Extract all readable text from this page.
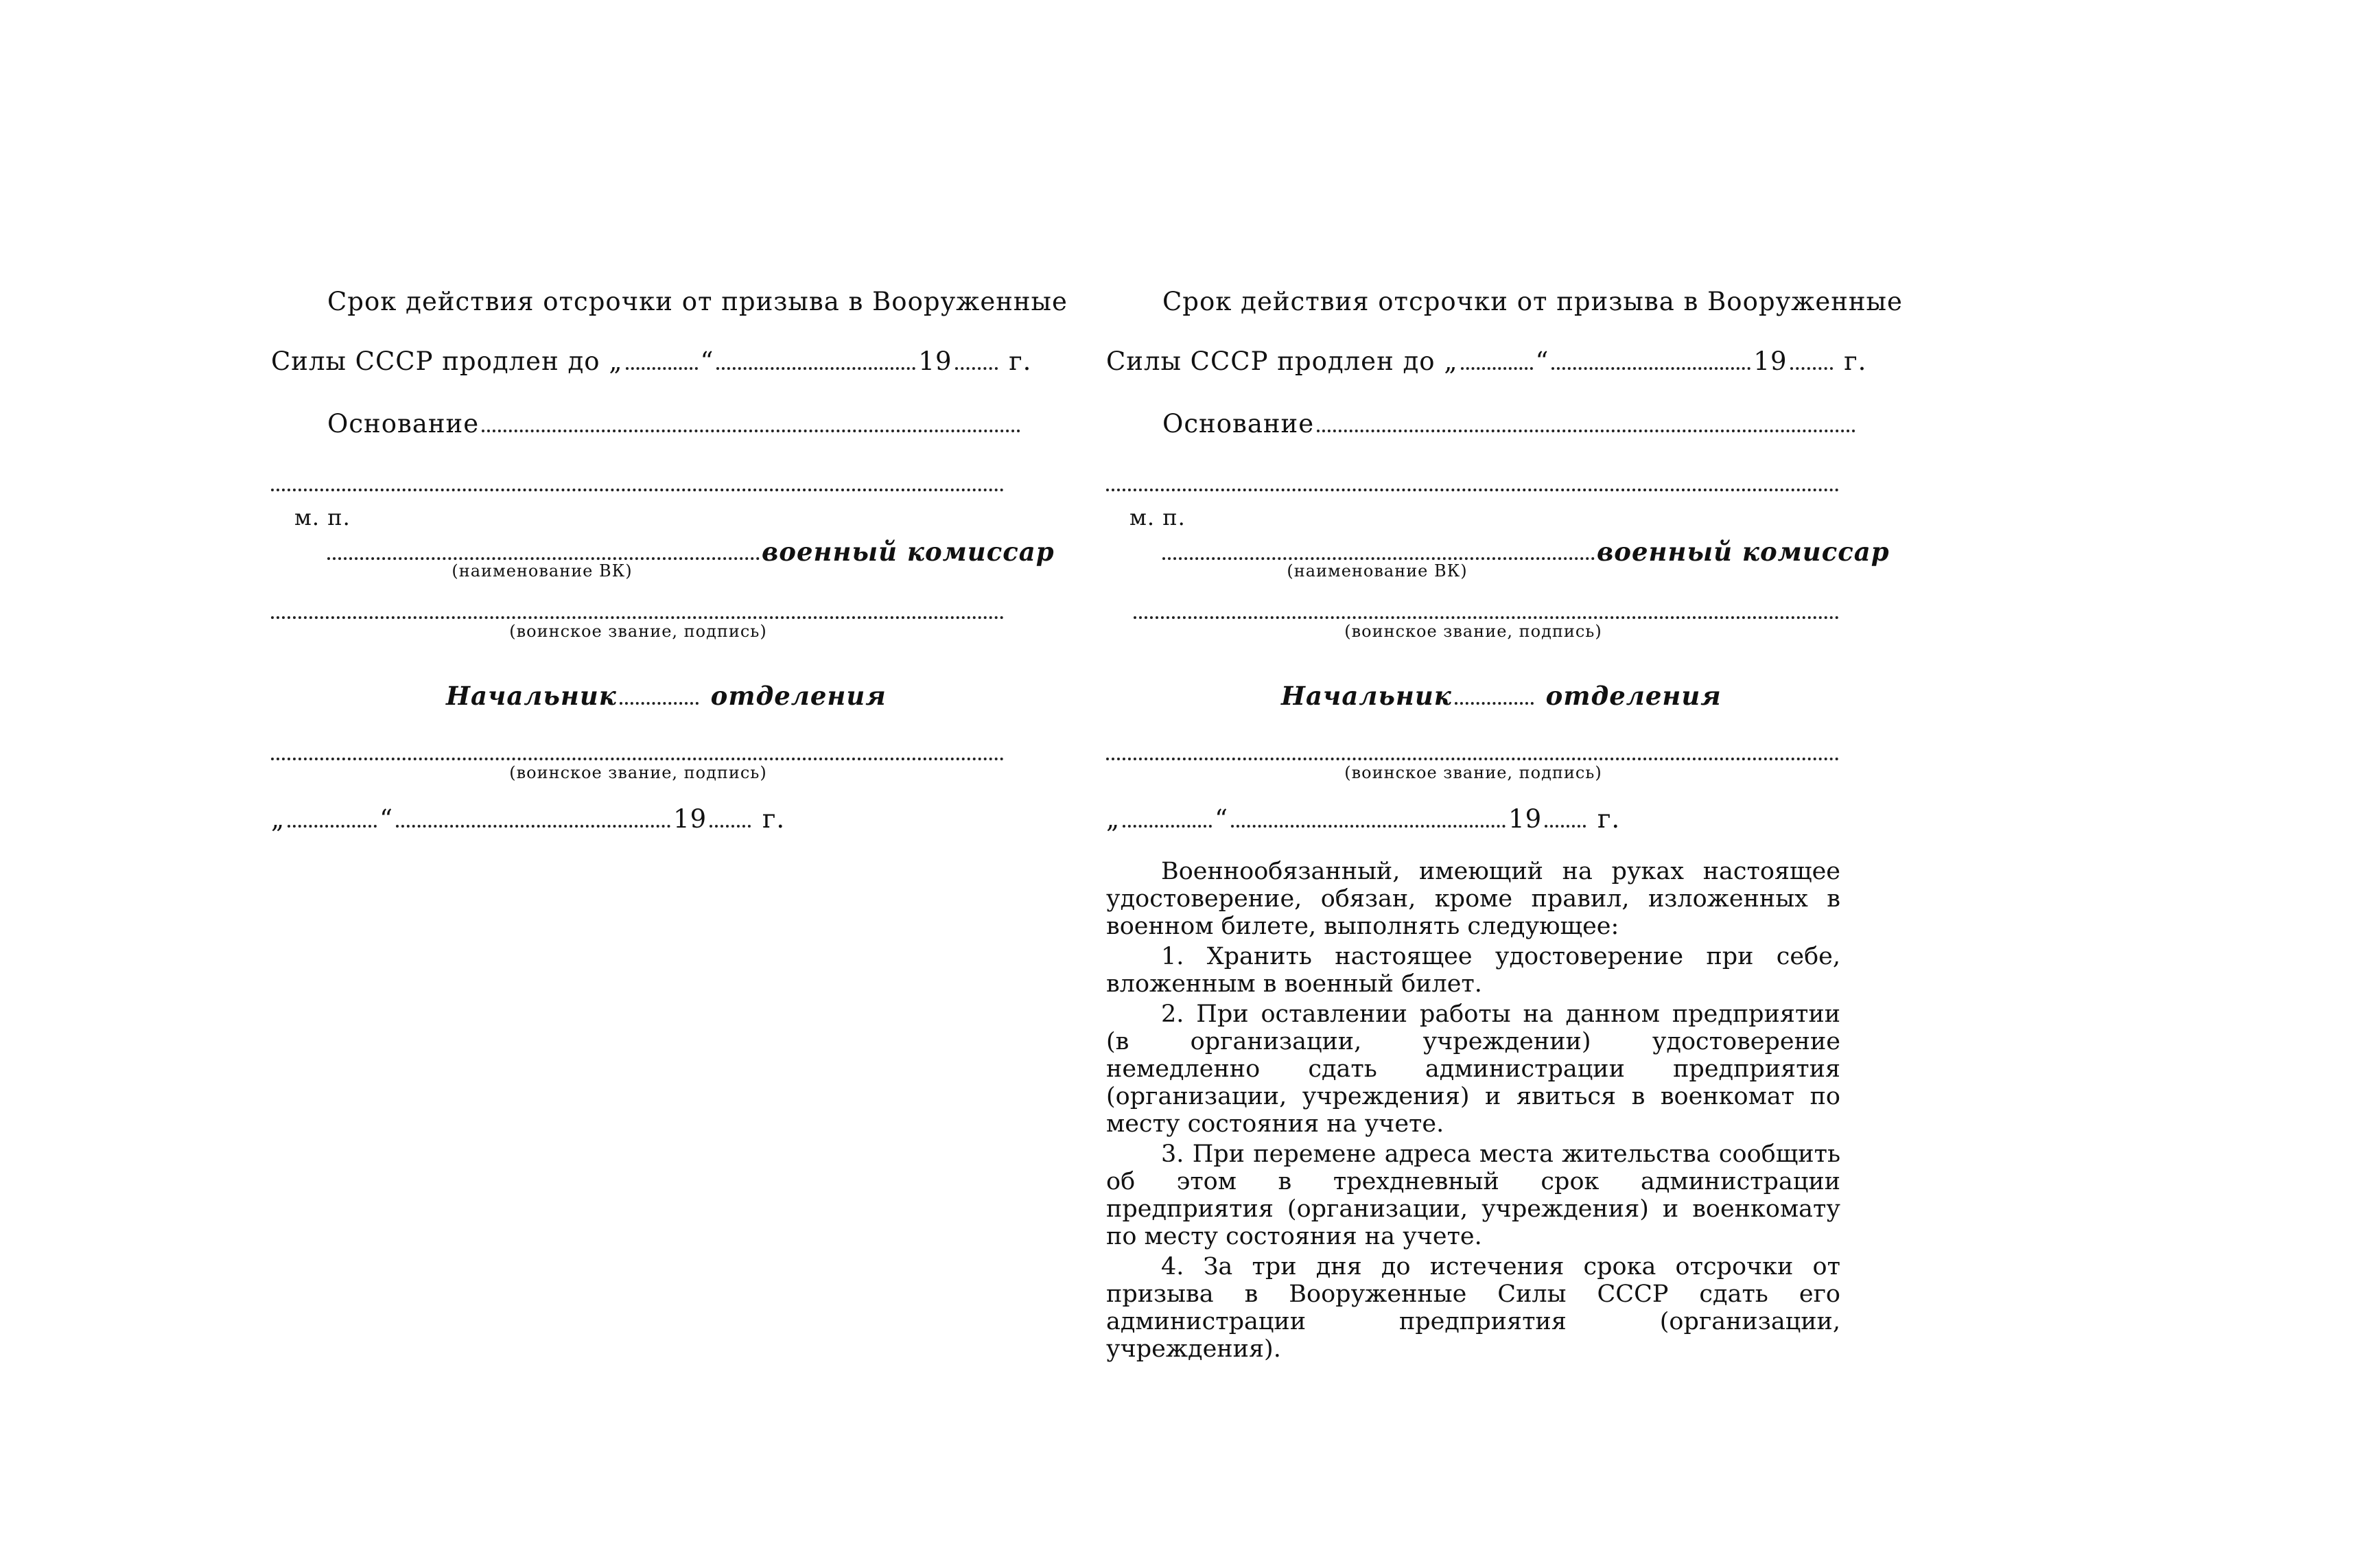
Срок действия отсрочки от призыва в Вооруженные
Силы СССР продлен до „	“	19 г.
Основание
м. п.
военный комиссар
(наименование ВК)
(воинское звание, подпись)
Начальник	отделения
(воинское звание, подпись)
„	“	19 г.
Срок действия отсрочки от призыва в Вооруженные
Силы СССР продлен до „	“	19 г.
Основание
м. п.
военный комиссар
(наименование ВК)
(воинское звание, подпись)
Начальник	отделения
(воинское звание, подпись)
„	“	19 г.

Военнообязанный, имеющий на руках настоящее удостоверение, обязан, кроме правил, изложенных в военном билете, выполнять следующее:

1. Хранить настоящее удостоверение при себе, вложенным в военный билет.

2. При оставлении работы на данном предприятии (в организации, учреждении) удостоверение немедленно сдать администрации предприятия (организации, учреждения) и явиться в военкомат по месту состояния на учете.

3. При перемене адреса места жительства сообщить об этом в трехдневный срок администрации предприятия (организации, учреждения) и военкомату по месту состояния на учете.

4. За три дня до истечения срока отсрочки от призыва в Вооруженные Силы СССР сдать его администрации предприятия (организации, учреждения).
